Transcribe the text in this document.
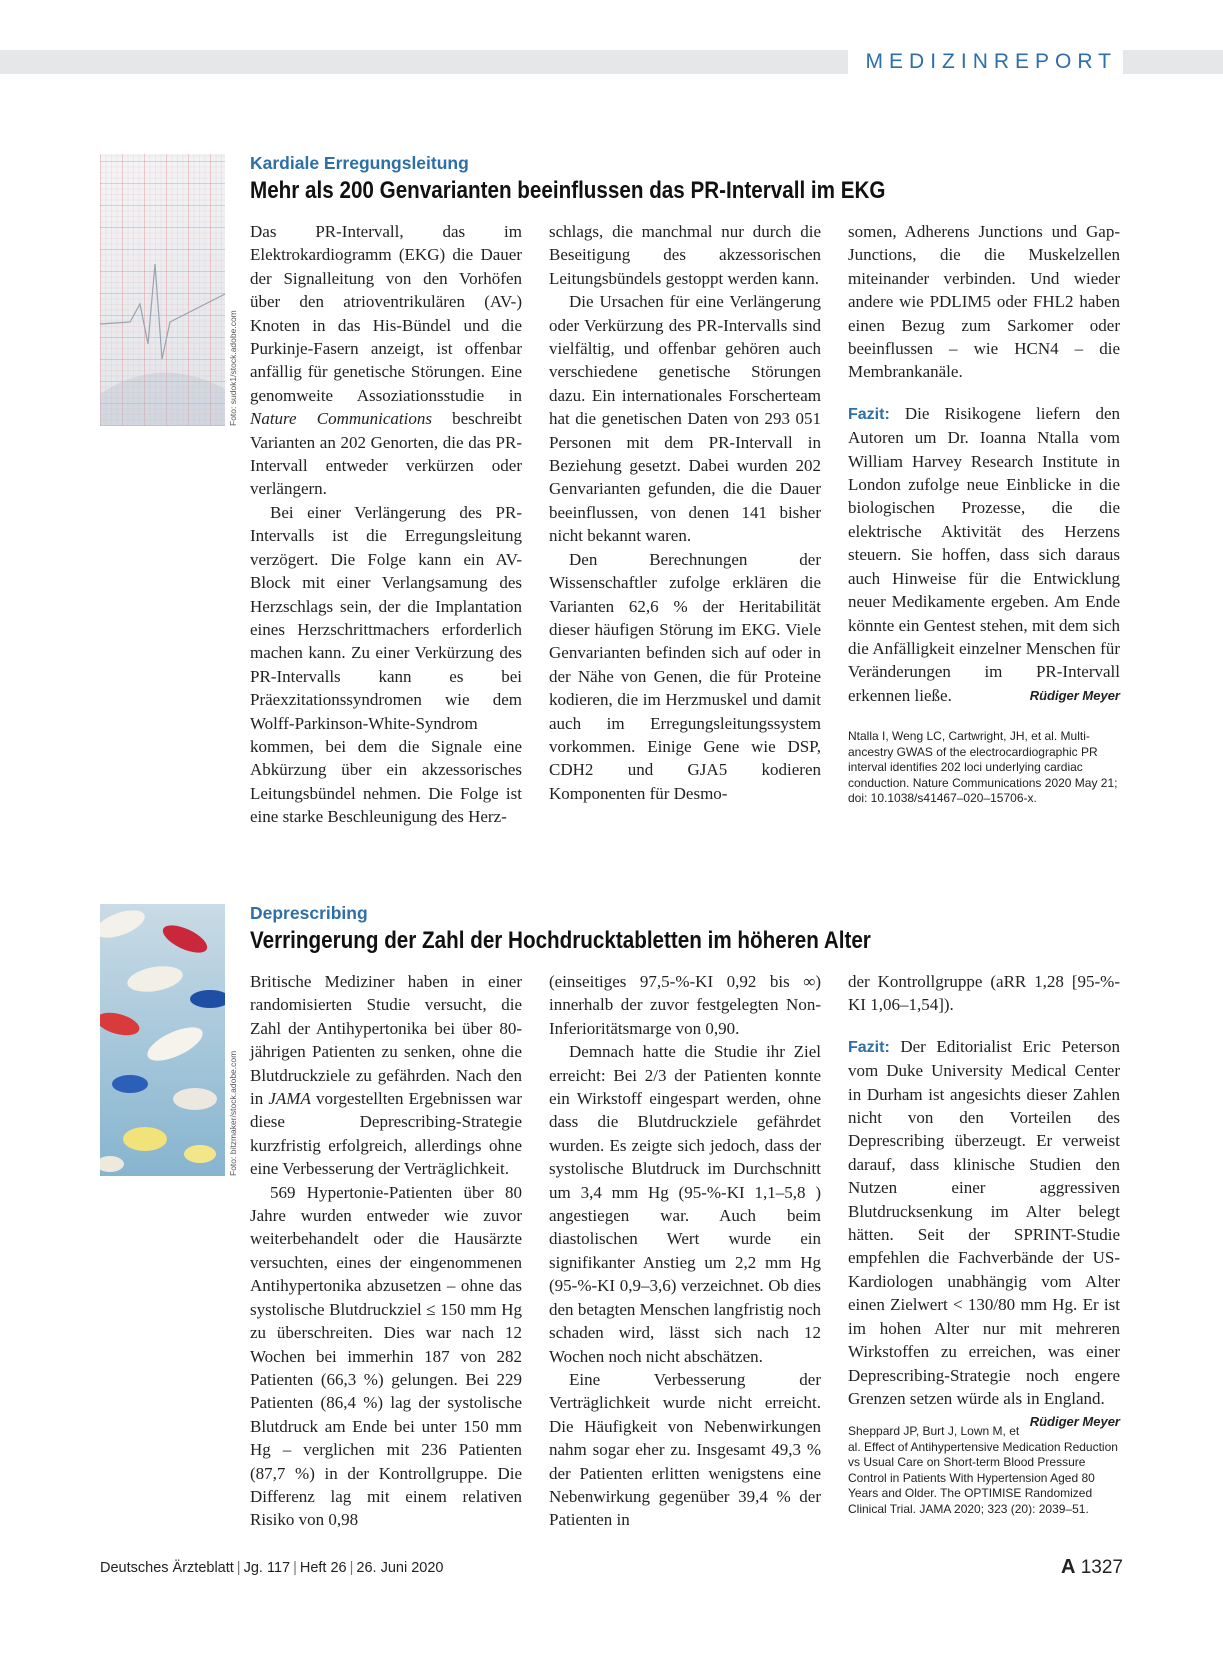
MEDIZINREPORT
Foto: sudok1/stock.adobe.com
Kardiale Erregungsleitung
Mehr als 200 Genvarianten beeinflussen das PR-Intervall im EKG

Das PR-Intervall, das im Elektrokardiogramm (EKG) die Dauer der Signalleitung von den Vorhöfen über den atrioventrikulären (AV-) Knoten in das His-Bündel und die Purkinje-Fasern anzeigt, ist offenbar anfällig für genetische Störungen. Eine genomweite Assoziationsstudie in Nature Communications beschreibt Varianten an 202 Genorten, die das PR-Intervall entweder verkürzen oder verlängern.

Bei einer Verlängerung des PR-Intervalls ist die Erregungsleitung verzögert. Die Folge kann ein AV-Block mit einer Verlangsamung des Herzschlags sein, der die Implantation eines Herzschrittmachers erforderlich machen kann. Zu einer Verkürzung des PR-Intervalls kann es bei Präexzitationssyndromen wie dem Wolff-Parkinson-White-Syndrom kommen, bei dem die Signale eine Abkürzung über ein akzessorisches Leitungsbündel nehmen. Die Folge ist eine starke Beschleunigung des Herz-

schlags, die manchmal nur durch die Beseitigung des akzessorischen Leitungsbündels gestoppt werden kann.

Die Ursachen für eine Verlängerung oder Verkürzung des PR-Intervalls sind vielfältig, und offenbar gehören auch verschiedene genetische Störungen dazu. Ein internationales Forscherteam hat die genetischen Daten von 293 051 Personen mit dem PR-Intervall in Beziehung gesetzt. Dabei wurden 202 Genvarianten gefunden, die die Dauer beeinflussen, von denen 141 bisher nicht bekannt waren.

Den Berechnungen der Wissenschaftler zufolge erklären die Varianten 62,6 % der Heritabilität dieser häufigen Störung im EKG. Viele Genvarianten befinden sich auf oder in der Nähe von Genen, die für Proteine kodieren, die im Herzmuskel und damit auch im Erregungsleitungssystem vorkommen. Einige Gene wie DSP, CDH2 und GJA5 kodieren Komponenten für Desmo-

somen, Adherens Junctions und Gap-Junctions, die die Muskelzellen miteinander verbinden. Und wieder andere wie PDLIM5 oder FHL2 haben einen Bezug zum Sarkomer oder beeinflussen – wie HCN4 – die Membrankanäle.

Fazit: Die Risikogene liefern den Autoren um Dr. Ioanna Ntalla vom William Harvey Research Institute in London zufolge neue Einblicke in die biologischen Prozesse, die die elektrische Aktivität des Herzens steuern. Sie hoffen, dass sich daraus auch Hinweise für die Entwicklung neuer Medikamente ergeben. Am Ende könnte ein Gentest stehen, mit dem sich die Anfälligkeit einzelner Menschen für Veränderungen im PR-Intervall erkennen ließe.	Rüdiger Meyer

Ntalla I, Weng LC, Cartwright, JH, et al. Multi-ancestry GWAS of the electrocardiographic PR interval identifies 202 loci underlying cardiac conduction. Nature Communications 2020 May 21; doi: 10.1038/s41467–020–15706-x.

Foto: bitzmaker/stock.adobe.com
Deprescribing
Verringerung der Zahl der Hochdrucktabletten im höheren Alter

Britische Mediziner haben in einer randomisierten Studie versucht, die Zahl der Antihypertonika bei über 80-jährigen Patienten zu senken, ohne die Blutdruckziele zu gefährden. Nach den in JAMA vorgestellten Ergebnissen war diese Deprescribing-Strategie kurzfristig erfolgreich, allerdings ohne eine Verbesserung der Verträglichkeit.

569 Hypertonie-Patienten über 80 Jahre wurden entweder wie zuvor weiterbehandelt oder die Hausärzte versuchten, eines der eingenommenen Antihypertonika abzusetzen – ohne das systolische Blutdruckziel ≤ 150 mm Hg zu überschreiten. Dies war nach 12 Wochen bei immerhin 187 von 282 Patienten (66,3 %) gelungen. Bei 229 Patienten (86,4 %) lag der systolische Blutdruck am Ende bei unter 150 mm Hg – verglichen mit 236 Patienten (87,7 %) in der Kontrollgruppe. Die Differenz lag mit einem relativen Risiko von 0,98

(einseitiges 97,5-%-KI 0,92 bis ∞) innerhalb der zuvor festgelegten Non-Inferioritätsmarge von 0,90.

Demnach hatte die Studie ihr Ziel erreicht: Bei 2/3 der Patienten konnte ein Wirkstoff eingespart werden, ohne dass die Blutdruckziele gefährdet wurden. Es zeigte sich jedoch, dass der systolische Blutdruck im Durchschnitt um 3,4 mm Hg (95-%-KI 1,1–5,8 ) angestiegen war. Auch beim diastolischen Wert wurde ein signifikanter Anstieg um 2,2 mm Hg (95-%-KI 0,9–3,6) verzeichnet. Ob dies den betagten Menschen langfristig noch schaden wird, lässt sich nach 12 Wochen noch nicht abschätzen.

Eine Verbesserung der Verträglichkeit wurde nicht erreicht. Die Häufigkeit von Nebenwirkungen nahm sogar eher zu. Insgesamt 49,3 % der Patienten erlitten wenigstens eine Nebenwirkung gegenüber 39,4 % der Patienten in

der Kontrollgruppe (aRR 1,28 [95-%-KI 1,06–1,54]).

Fazit: Der Editorialist Eric Peterson vom Duke University Medical Center in Durham ist angesichts dieser Zahlen nicht von den Vorteilen des Deprescribing überzeugt. Er verweist darauf, dass klinische Studien den Nutzen einer aggressiven Blutdrucksenkung im Alter belegt hätten. Seit der SPRINT-Studie empfehlen die Fachverbände der US-Kardiologen unabhängig vom Alter einen Zielwert < 130/80 mm Hg. Er ist im hohen Alter nur mit mehreren Wirkstoffen zu erreichen, was einer Deprescribing-Strategie noch engere Grenzen setzen würde als in England.
Rüdiger Meyer

Sheppard JP, Burt J, Lown M, et al. Effect of Antihypertensive Medication Reduction vs Usual Care on Short-term Blood Pressure Control in Patients With Hypertension Aged 80 Years and Older. The OPTIMISE Randomized Clinical Trial. JAMA 2020; 323 (20): 2039–51.

Deutsches Ärzteblatt | Jg. 117 | Heft 26 | 26. Juni 2020	A 1327
